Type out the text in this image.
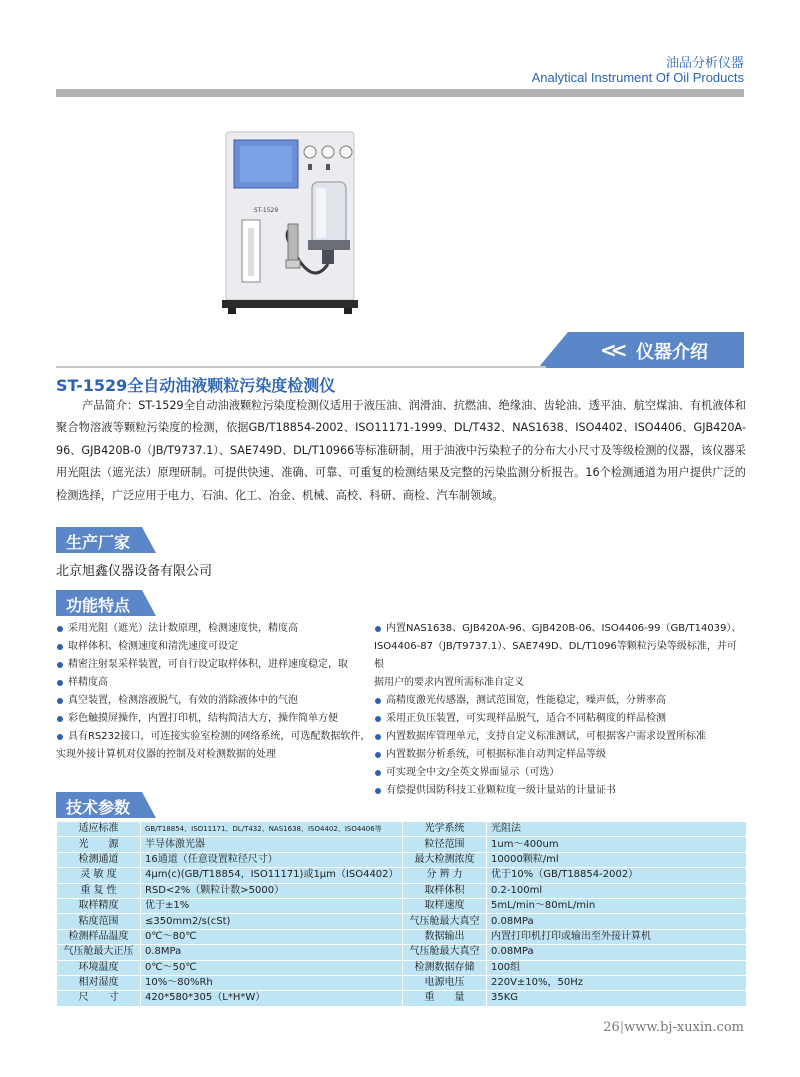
油品分析仪器
Analytical Instrument Of Oil Products
ST-1529
<< 仪器介绍
ST-1529全自动油液颗粒污染度检测仪
产品简介：ST-1529全自动油液颗粒污染度检测仪适用于液压油、润滑油、抗燃油、绝缘油、齿轮油、透平油、航空煤油、有机液体和聚合物溶液等颗粒污染度的检测，依据GB/T18854-2002、ISO11171-1999、DL/T432、NAS1638、ISO4402、ISO4406、GJB420A-96、GJB420B-0（JB/T9737.1）、SAE749D、DL/T10966等标准研制，用于油液中污染粒子的分布大小尺寸及等级检测的仪器，该仪器采用光阻法（遮光法）原理研制。可提供快速、准确、可靠、可重复的检测结果及完整的污染监测分析报告。16个检测通道为用户提供广泛的检测选择，广泛应用于电力、石油、化工、冶金、机械、高校、科研、商检、汽车制领域。
生产厂家
北京旭鑫仪器设备有限公司
功能特点
采用光阻（遮光）法计数原理，检测速度快，精度高
取样体积、检测速度和清洗速度可设定
精密注射泵采样装置，可自行设定取样体积，进样速度稳定，取
样精度高
真空装置，检测溶液脱气，有效的消除液体中的气泡
彩色触摸屏操作，内置打印机，结构简洁大方，操作简单方便
具有RS232接口，可连接实验室检测的网络系统，可选配数据软件，
实现外接计算机对仪器的控制及对检测数据的处理
内置NAS1638、GJB420A-96、GJB420B-06、ISO4406-99（GB/T14039）、
ISO4406-87（JB/T9737.1）、SAE749D、DL/T1096等颗粒污染等级标准，并可根
据用户的要求内置所需标准自定义
高精度激光传感器，测试范围宽，性能稳定，噪声低，分辨率高
采用正负压装置，可实现样品脱气，适合不同粘稠度的样品检测
内置数据库管理单元，支持自定义标准测试，可根据客户需求设置所标准
内置数据分析系统，可根据标准自动判定样品等级
可实现全中文/全英文界面显示（可选）
有偿提供国防科技工业颗粒度一级计量站的计量证书
技术参数
适应标准	GB/T18854、ISO11171、DL/T432、NAS1638、ISO4402、ISO4406等	光学系统	光阻法
光　　源	半导体激光器	粒径范围	1um～400um
检测通道	16通道（任意设置粒径尺寸）	最大检测浓度	10000颗粒/ml
灵 敏 度	4μm(c)(GB/T18854，ISO11171)或1μm（ISO4402）	分 辨 力	优于10%（GB/T18854-2002）
重 复 性	RSD<2%（颗粒计数>5000）	取样体积	0.2-100ml
取样精度	优于±1%	取样速度	5mL/min～80mL/min
粘度范围	≤350mm2/s(cSt)	气压舱最大真空	0.08MPa
检测样品温度	0℃～80℃	数据输出	内置打印机打印或输出至外接计算机
气压舱最大正压	0.8MPa	气压舱最大真空	0.08MPa
环境温度	0℃～50℃	检测数据存储	100组
相对湿度	10%～80%Rh	电源电压	220V±10%，50Hz
尺　　寸	420*580*305（L*H*W）	重　　量	35KG
26|www.bj-xuxin.com
